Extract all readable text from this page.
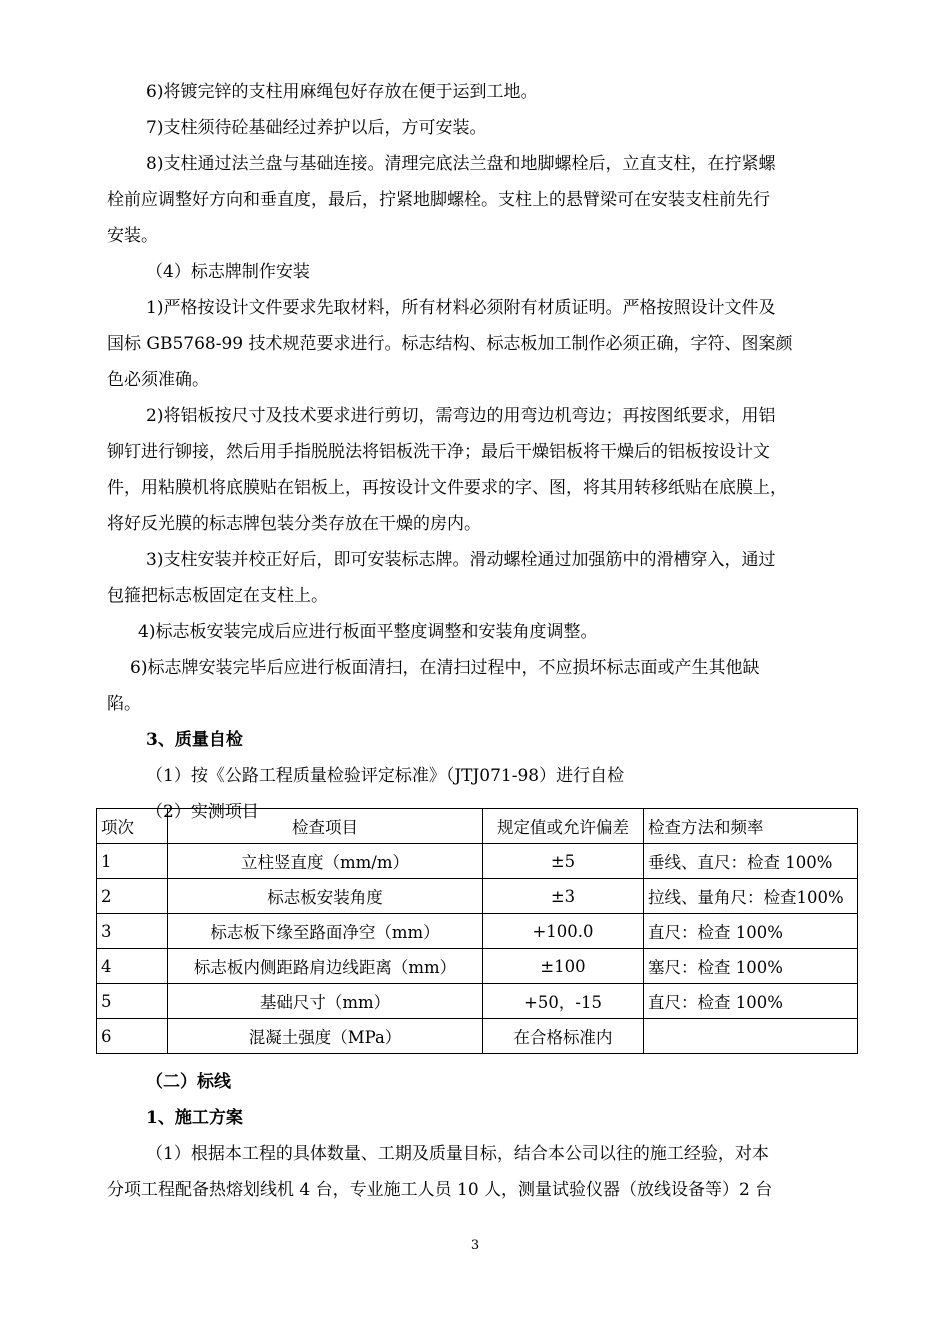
6)将镀完锌的支柱用麻绳包好存放在便于运到工地。
7)支柱须待砼基础经过养护以后，方可安装。
8)支柱通过法兰盘与基础连接。清理完底法兰盘和地脚螺栓后，立直支柱，在拧紧螺
栓前应调整好方向和垂直度，最后，拧紧地脚螺栓。支柱上的悬臂梁可在安装支柱前先行
安装。
（4）标志牌制作安装
1)严格按设计文件要求先取材料，所有材料必须附有材质证明。严格按照设计文件及
国标 GB5768-99 技术规范要求进行。标志结构、标志板加工制作必须正确，字符、图案颜
色必须准确。
2)将铝板按尺寸及技术要求进行剪切，需弯边的用弯边机弯边；再按图纸要求，用铝
铆钉进行铆接，然后用手指脱脱法将铝板洗干净；最后干燥铝板将干燥后的铝板按设计文
件，用粘膜机将底膜贴在铝板上，再按设计文件要求的字、图，将其用转移纸贴在底膜上，
将好反光膜的标志牌包装分类存放在干燥的房内。
3)支柱安装并校正好后，即可安装标志牌。滑动螺栓通过加强筋中的滑槽穿入，通过
包箍把标志板固定在支柱上。
4)标志板安装完成后应进行板面平整度调整和安装角度调整。
6)标志牌安装完毕后应进行板面清扫，在清扫过程中，不应损坏标志面或产生其他缺
陷。
3、质量自检
（1）按《公路工程质量检验评定标准》（JTJ071-98）进行自检
（2）实测项目
项次	检查项目	规定值或允许偏差	检查方法和频率
1	立柱竖直度（mm/m）	±5	垂线、直尺：检查 100%
2	标志板安装角度	±3	拉线、量角尺：检查100%
3	标志板下缘至路面净空（mm）	+100.0	直尺：检查 100%
4	标志板内侧距路肩边线距离（mm）	±100	塞尺：检查 100%
5	基础尺寸（mm）	+50，-15	直尺：检查 100%
6	混凝土强度（MPa）	在合格标准内	
（二）标线
1、施工方案
（1）根据本工程的具体数量、工期及质量目标，结合本公司以往的施工经验，对本
分项工程配备热熔划线机 4 台，专业施工人员 10 人，测量试验仪器（放线设备等）2 台
3
